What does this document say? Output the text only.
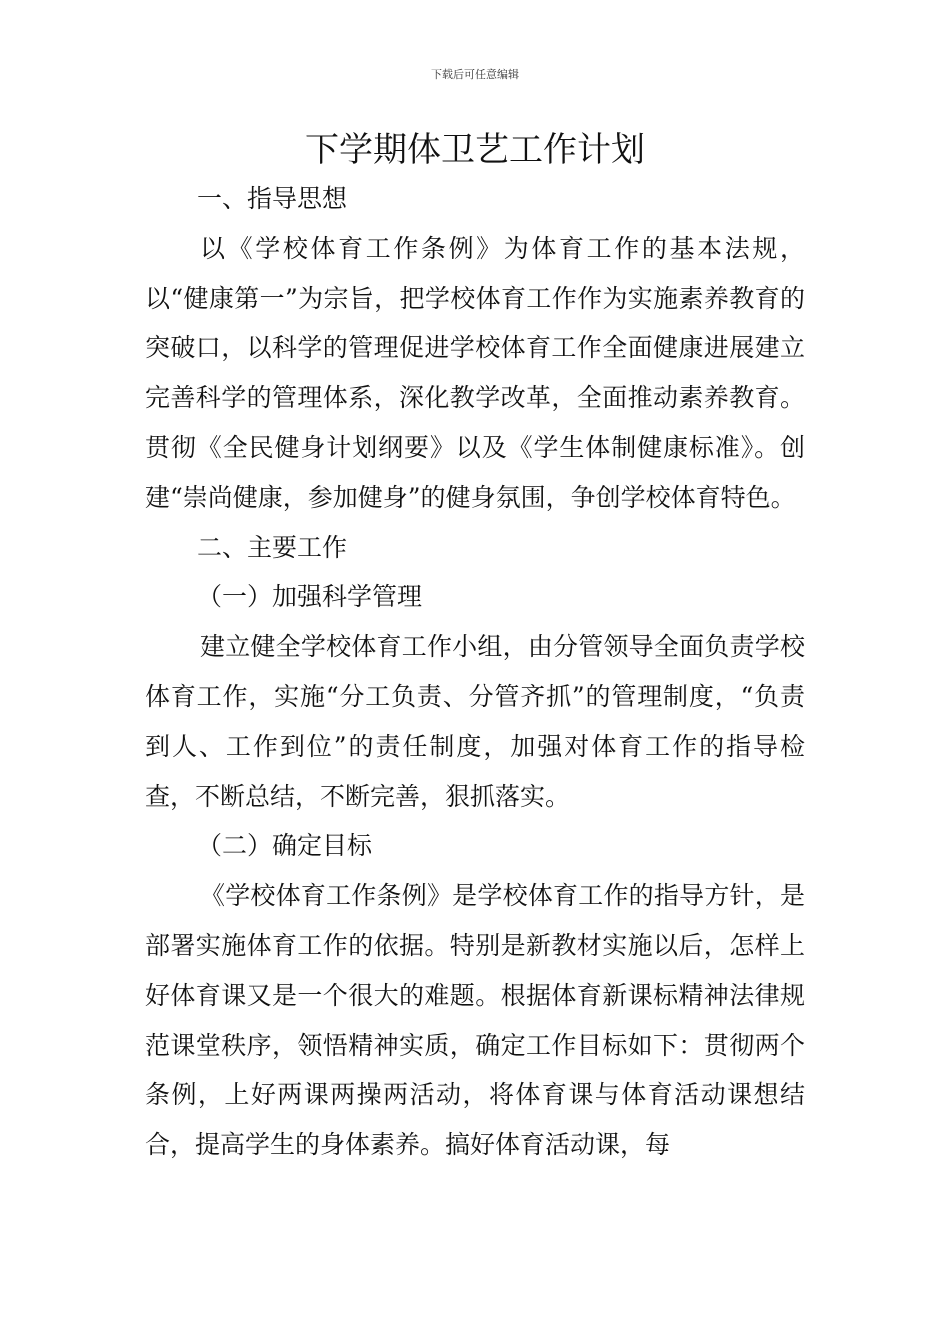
下载后可任意编辑
下学期体卫艺工作计划

一、指导思想

以《学校体育工作条例》为体育工作的基本法规，以“健康第一”为宗旨，把学校体育工作作为实施素养教育的突破口，以科学的管理促进学校体育工作全面健康进展建立完善科学的管理体系，深化教学改革，全面推动素养教育。贯彻《全民健身计划纲要》以及《学生体制健康标准》。创建“崇尚健康，参加健身”的健身氛围，争创学校体育特色。

二、主要工作

（一）加强科学管理

建立健全学校体育工作小组，由分管领导全面负责学校体育工作，实施“分工负责、分管齐抓”的管理制度，“负责到人、工作到位”的责任制度，加强对体育工作的指导检查，不断总结，不断完善，狠抓落实。

（二）确定目标

《学校体育工作条例》是学校体育工作的指导方针，是部署实施体育工作的依据。特别是新教材实施以后，怎样上好体育课又是一个很大的难题。根据体育新课标精神法律规范课堂秩序，领悟精神实质，确定工作目标如下：贯彻两个条例，上好两课两操两活动，将体育课与体育活动课想结合，提高学生的身体素养。搞好体育活动课，每
